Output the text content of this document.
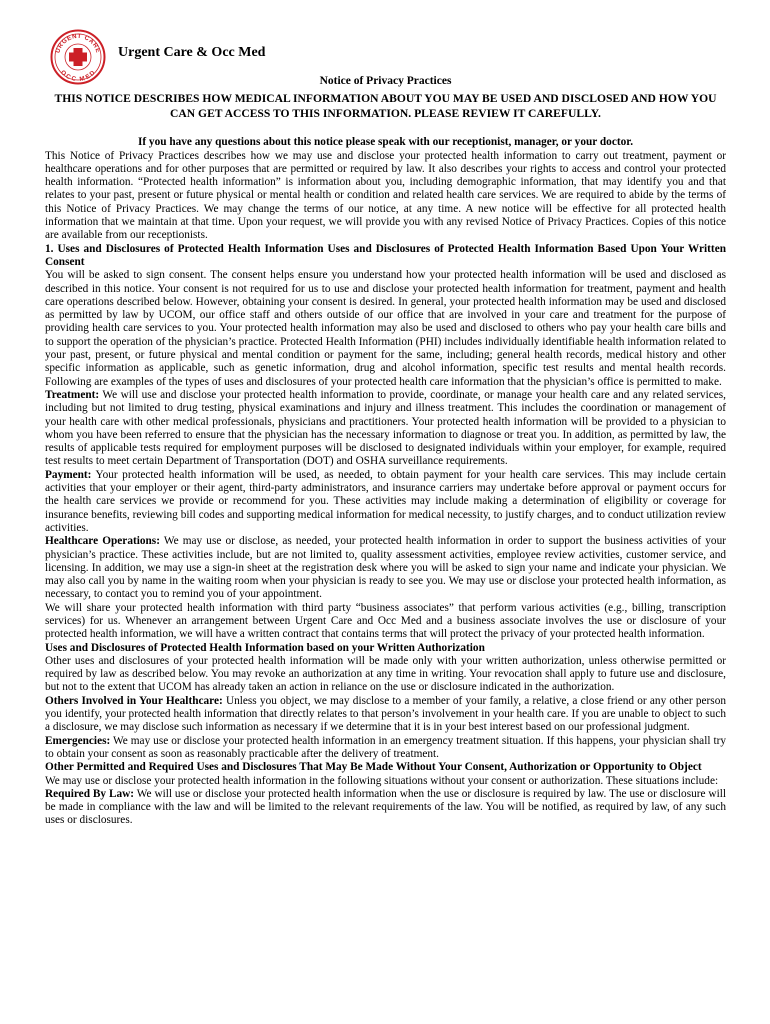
URGENT CARE
OCC MED
Urgent Care & Occ Med

Notice of Privacy Practices

THIS NOTICE DESCRIBES HOW MEDICAL INFORMATION ABOUT YOU MAY BE USED AND DISCLOSED AND HOW YOU CAN GET ACCESS TO THIS INFORMATION. PLEASE REVIEW IT CAREFULLY.

If you have any questions about this notice please speak with our receptionist, manager, or your doctor.

This Notice of Privacy Practices describes how we may use and disclose your protected health information to carry out treatment, payment or healthcare operations and for other purposes that are permitted or required by law. It also describes your rights to access and control your protected health information. “Protected health information” is information about you, including demographic information, that may identify you and that relates to your past, present or future physical or mental health or condition and related health care services. We are required to abide by the terms of this Notice of Privacy Practices. We may change the terms of our notice, at any time. A new notice will be effective for all protected health information that we maintain at that time. Upon your request, we will provide you with any revised Notice of Privacy Practices. Copies of this notice are available from our receptionists.

1. Uses and Disclosures of Protected Health Information Uses and Disclosures of Protected Health Information Based Upon Your Written Consent

You will be asked to sign consent. The consent helps ensure you understand how your protected health information will be used and disclosed as described in this notice. Your consent is not required for us to use and disclose your protected health information for treatment, payment and health care operations described below. However, obtaining your consent is desired. In general, your protected health information may be used and disclosed as permitted by law by UCOM, our office staff and others outside of our office that are involved in your care and treatment for the purpose of providing health care services to you. Your protected health information may also be used and disclosed to others who pay your health care bills and to support the operation of the physician’s practice. Protected Health Information (PHI) includes individually identifiable health information related to your past, present, or future physical and mental condition or payment for the same, including; general health records, medical history and other specific information as applicable, such as genetic information, drug and alcohol information, specific test results and mental health records. Following are examples of the types of uses and disclosures of your protected health care information that the physician’s office is permitted to make.

Treatment: We will use and disclose your protected health information to provide, coordinate, or manage your health care and any related services, including but not limited to drug testing, physical examinations and injury and illness treatment. This includes the coordination or management of your health care with other medical professionals, physicians and practitioners. Your protected health information will be provided to a physician to whom you have been referred to ensure that the physician has the necessary information to diagnose or treat you. In addition, as permitted by law, the results of applicable tests required for employment purposes will be disclosed to designated individuals within your employer, for example, required test results to meet certain Department of Transportation (DOT) and OSHA surveillance requirements.

Payment: Your protected health information will be used, as needed, to obtain payment for your health care services. This may include certain activities that your employer or their agent, third-party administrators, and insurance carriers may undertake before approval or payment occurs for the health care services we provide or recommend for you. These activities may include making a determination of eligibility or coverage for insurance benefits, reviewing bill codes and supporting medical information for medical necessity, to justify charges, and to conduct utilization review activities.

Healthcare Operations: We may use or disclose, as needed, your protected health information in order to support the business activities of your physician’s practice. These activities include, but are not limited to, quality assessment activities, employee review activities, customer service, and licensing. In addition, we may use a sign-in sheet at the registration desk where you will be asked to sign your name and indicate your physician. We may also call you by name in the waiting room when your physician is ready to see you. We may use or disclose your protected health information, as necessary, to contact you to remind you of your appointment.

We will share your protected health information with third party “business associates” that perform various activities (e.g., billing, transcription services) for us. Whenever an arrangement between Urgent Care and Occ Med and a business associate involves the use or disclosure of your protected health information, we will have a written contract that contains terms that will protect the privacy of your protected health information.

Uses and Disclosures of Protected Health Information based on your Written Authorization

Other uses and disclosures of your protected health information will be made only with your written authorization, unless otherwise permitted or required by law as described below. You may revoke an authorization at any time in writing. Your revocation shall apply to future use and disclosure, but not to the extent that UCOM has already taken an action in reliance on the use or disclosure indicated in the authorization.

Others Involved in Your Healthcare: Unless you object, we may disclose to a member of your family, a relative, a close friend or any other person you identify, your protected health information that directly relates to that person’s involvement in your health care. If you are unable to object to such a disclosure, we may disclose such information as necessary if we determine that it is in your best interest based on our professional judgment.

Emergencies: We may use or disclose your protected health information in an emergency treatment situation. If this happens, your physician shall try to obtain your consent as soon as reasonably practicable after the delivery of treatment.

Other Permitted and Required Uses and Disclosures That May Be Made Without Your Consent, Authorization or Opportunity to Object

We may use or disclose your protected health information in the following situations without your consent or authorization. These situations include:

Required By Law: We will use or disclose your protected health information when the use or disclosure is required by law. The use or disclosure will be made in compliance with the law and will be limited to the relevant requirements of the law. You will be notified, as required by law, of any such uses or disclosures.
